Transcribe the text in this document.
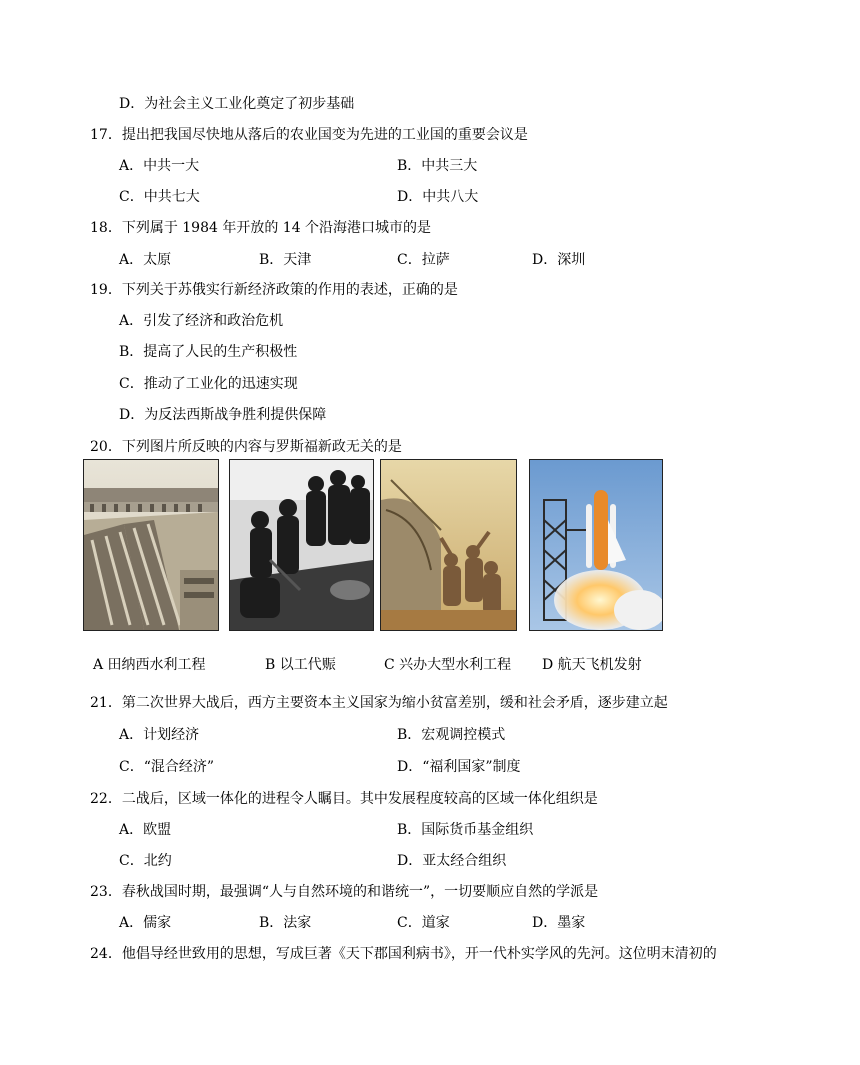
D．为社会主义工业化奠定了初步基础
17．提出把我国尽快地从落后的农业国变为先进的工业国的重要会议是
A．中共一大	B．中共三大
C．中共七大	D．中共八大
18．下列属于 1984 年开放的 14 个沿海港口城市的是
A．太原	B．天津	C．拉萨	D．深圳
19．下列关于苏俄实行新经济政策的作用的表述，正确的是
A．引发了经济和政治危机
B．提高了人民的生产积极性
C．推动了工业化的迅速实现
D．为反法西斯战争胜利提供保障
20．下列图片所反映的内容与罗斯福新政无关的是
A 田纳西水利工程	B 以工代赈	C 兴办大型水利工程 D 航天飞机发射
21．第二次世界大战后，西方主要资本主义国家为缩小贫富差别，缓和社会矛盾，逐步建立起
A．计划经济	B．宏观调控模式
C．“混合经济”	D．“福利国家”制度
22．二战后，区域一体化的进程令人瞩目。其中发展程度较高的区域一体化组织是
A．欧盟	B．国际货币基金组织
C．北约	D．亚太经合组织
23．春秋战国时期，最强调“人与自然环境的和谐统一”，一切要顺应自然的学派是
A．儒家	B．法家	C．道家	D．墨家
24．他倡导经世致用的思想，写成巨著《天下郡国利病书》，开一代朴实学风的先河。这位明末清初的
